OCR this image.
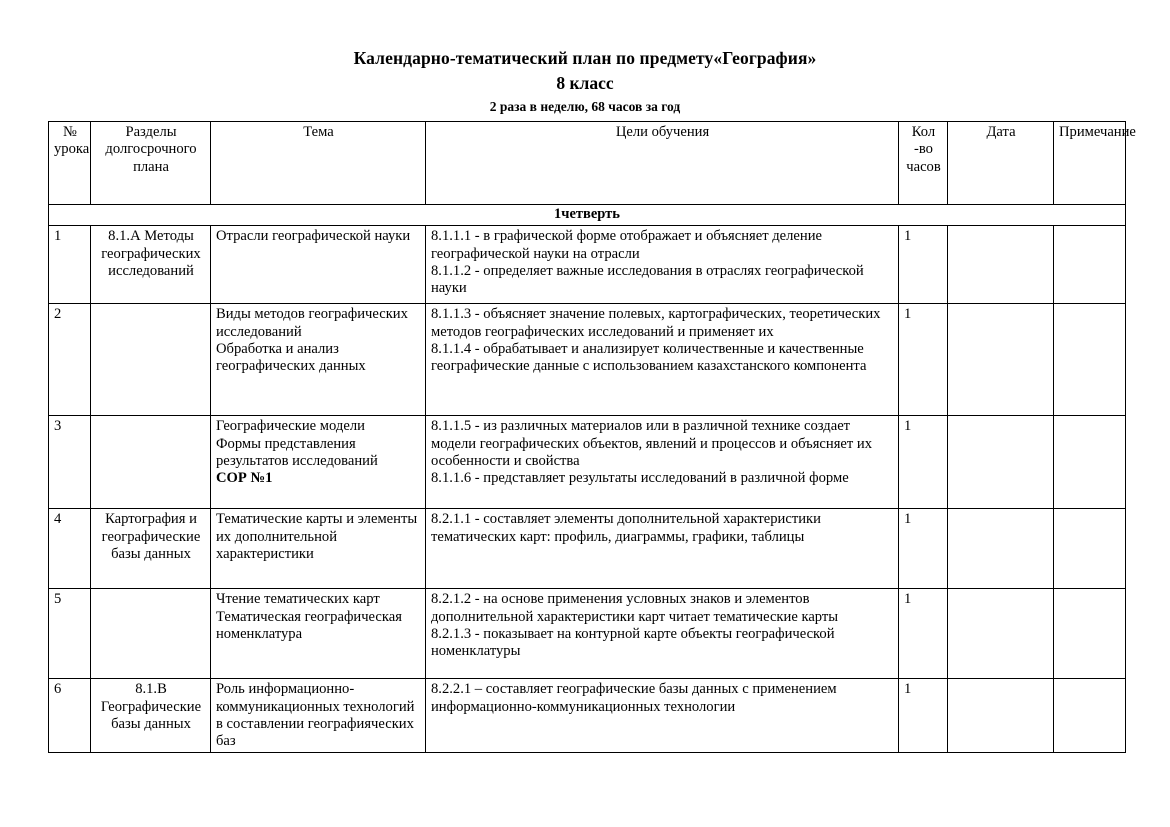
Календарно-тематический план по предмету«География»
8 класс
2 раза в неделю, 68 часов за год
№ урока	Разделы долгосрочного плана	Тема	Цели обучения	Кол -во часов	Дата	Примечание
1четверть						
1	8.1.А Методы географических исследований	Отрасли географической науки	8.1.1.1 - в графической форме отображает и объясняет деление географической науки на отрасли
8.1.1.2 - определяет важные исследования в отраслях географической науки	1		
2		Виды методов географических исследований
Обработка и анализ географических данных	8.1.1.3 - объясняет значение полевых, картографических, теоретических методов географических исследований и применяет их
8.1.1.4 - обрабатывает и анализирует количественные и качественные географические данные с использованием казахстанского компонента	1		
3		Географические модели
Формы представления результатов исследований
СОР №1	8.1.1.5 - из различных материалов или в различной технике создает модели географических объектов, явлений и процессов и объясняет их особенности и свойства
8.1.1.6 - представляет результаты исследований в различной форме	1		
4	Картография и географические базы данных	Тематические карты и элементы их дополнительной характеристики	8.2.1.1 - составляет элементы дополнительной характеристики тематических карт: профиль, диаграммы, графики, таблицы	1		
5		Чтение тематических карт
Тематическая географическая номенклатура	8.2.1.2 - на основе применения условных знаков и элементов дополнительной характеристики карт читает тематические карты
8.2.1.3 - показывает на контурной карте объекты географической номенклатуры	1		
6	8.1.В Географические базы данных	Роль информационно-коммуникационных технологий в составлении географияческих баз	8.2.2.1 – составляет географические базы данных с применением информационно-коммуникационных технологии	1		
